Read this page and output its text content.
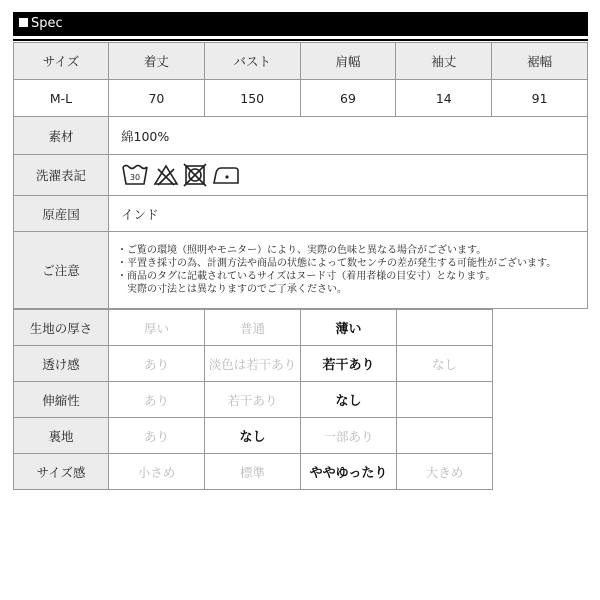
Spec
サイズ	着丈	バスト	肩幅	袖丈	裾幅
M-L	70	150	69	14	91
素材	綿100%				
洗濯表記	30				

原産国	インド				
ご注意	・ご覧の環境（照明やモニター）により、実際の色味と異なる場合がございます。
・平置き採寸の為、計測方法や商品の状態によって数センチの差が発生する可能性がございます。
・商品のタグに記載されているサイズはヌード寸（着用者様の目安寸）となります。
　実際の寸法とは異なりますのでご了承ください。				
生地の厚さ	厚い	普通	薄い	
透け感	あり	淡色は若干あり	若干あり	なし
伸縮性	あり	若干あり	なし	
裏地	あり	なし	一部あり	
サイズ感	小さめ	標準	ややゆったり	大きめ
